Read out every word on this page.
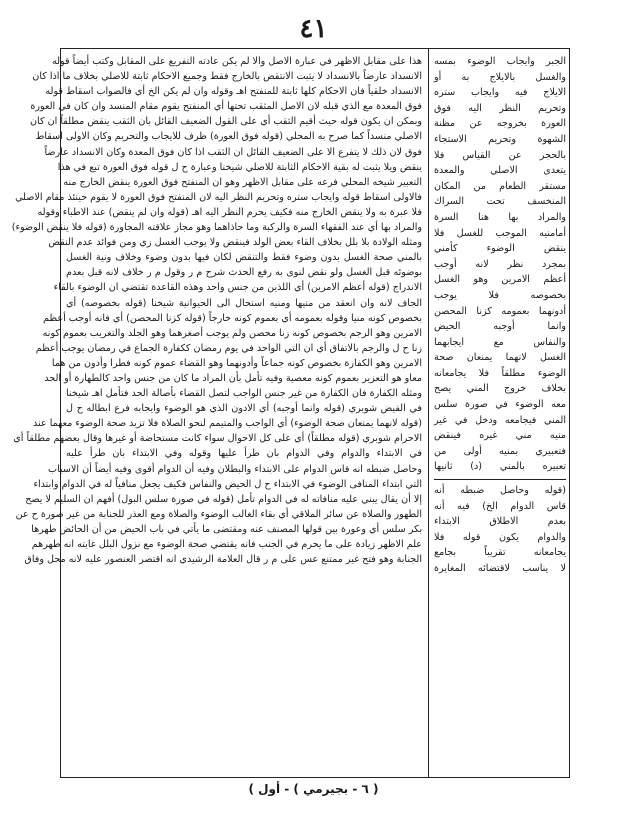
٤١
هذا على مقابل الاظهر في عبارة الاصل والا لم يكن عادته التفريع على المقابل وكتب أيضاً قوله
الانسداد عارضاً بالانسداد لا يثبت الانتقض بالخارج فقط وجميع الاحكام ثابتة للاصلي بخلاف ما اذا كان
الانسداد خلقياً فان الاحكام كلها ثابتة للمنفتح اهـ وقوله وان لم يكن الخ أي فالصواب اسقاط قوله
فوق المعدة مع الذي قبله لان الاصل المثقب تحتها أي المنفتح يقوم مقام المنسد وان كان في العورة
وبمكن ان يكون قوله حيث أقيم الثقب أي على القول الضعيف القائل بان الثقب ينقض مطلقاً ان كان
الاصلي منسداً كما صرح به المحلي (قوله فوق العورة) ظرف للايجاب والتحريم وكان الاولى اسقاط
فوق لان ذلك لا يتفرع الا على الضعيف القائل ان الثقب اذا كان فوق المعدة وكان الانسداد عارضاً
ينقض ويلا يثبت له بقية الاحكام الثابتة للاصلي شيخنا وعبارة ح ل قوله فوق العورة تبع في هذا
التعبير شيخه المحلي فرعه على مقابل الاظهر وهو ان المنفتح فوق العورة ينقض الخارج منه
فالاولى اسقاط قوله وايجاب ستره وتحريم النظر اليه لان المنفتح فوق العورة لا يقوم حينئذ مقام الاصلي
فلا عبرة به ولا ينقض الخارج منه فكيف يحرم النظر اليه اهـ (قوله وان لم ينقض) عند الاطباء وقوله
والمراد بها أي عند الفقهاء السرة والركبة وما حاذاهما وهو مجاز علاقته المجاورة (قوله فلا ينقض الوضوء)
ومثله الولادة بلا بلل بخلاف القاء بعض الولد فينقض ولا يوجب الغسل زي ومن فوائد عدم النقض
بالمني صحة الغسل بدون وضوء فقط والتنقض لكان فيها بدون وضوء وخلاف ونية الغسل
بوضوئه قبل الغسل ولو نقض لنوى به رفع الحدث شرح م ر وقول م ر خلاف لانه قبل بعدم
الاندراج (قوله أعظم الامرين) أي اللذين من جنس واحد وهذه القاعدة تقتضي ان الوضوء بالقاء
الجاف لانه وان انعقد من منيها ومنيه استحال الى الحيوانية شيخنا (قوله بخصوصه) أي
بخصوص كونه منيا وقوله بعمومه أي بعموم كونه خارجاً (قوله كزنا المحصن) أي فانه أوجب أعظم
الامرين وهو الرجم بخصوص كونه زنا محصن ولم يوجب أصغرهما وهو الجلد والتغريب بعموم كونه
زنا ح ل والرجم بالاتفاق أي ان التي الواحد في يوم رمضان ككفارة الجماع في رمضان يوجب أعظم
الامرين وهو الكفارة بخصوص كونه جماعاً وأدونهما وهو القضاء عموم كونه فطرا وأدون من هما
معاو هو التعزير بعموم كونه معصية وفيه تأمل بأن المراد ما كان من جنس واحد كالطهارة أو الحد
ومثله الكفارة فان الكفارة من غير جنس الواجب لتصل القضاء بأصالة الحد فتأمل اهـ شيخنا
في الفيض شوبري (قوله وانما أوجبه) أي الادون الذي هو الوضوء وايجابه فرع ابطاله ح ل
(قوله لانهما يمنعان صحة الوضوء) أي الواجب والمتيمم لنحو الصلاة فلا تزيد صحة الوضوء معهما عند
الاحرام شوبري (قوله مطلقاً) أي على كل الاحوال سواء كانت مستحاضة أو غيرها وقال بعضهم مطلقاً أي
في الابتداء والدوام وفي الدوام بان طرأ عليها وقوله وفي الابتداء بان طرأ عليه
وحاصل ضبطه انه قاس الدوام على الابتداء والبطلان وفيه أن الدوام أقوى وفيه أيضاً أن الاسباب
التي ابتداء المنافى الوضوء في الابتداء ح ل الحيض والنفاس فكيف يجعل منافياً له في الدوام وابتداء
إلا أن يقال يبني عليه منافاته له في الدوام تأمل (قوله في صورة سلس البول) أفهم ان السليم لا يصح
الطهور والصلاة عن سائر الملاقي أي بقاء الغالب الوضوء والصلاة ومع العذر للجنابة من غير صورة ح عن
بكر سلس أي وعورة بين قولها المصنف عنه ومقتضى ما يأتي في باب الحيض من أن الحائض طهرها
علم الاظهر زيادة على ما يحرم في الجنب فانه يقتضي صحة الوضوء مع نزول البلل غايته انه طهرهم
الجنابة وهو فتح غير ممتنع عس على م ر قال العلامة الرشيدي انه اقتصر العنصور عليه لانه محل وفاق
الجبر وايجاب الوضوء بمسه
والغسل بالايلاج به أو
الايلاج فيه وايجاب ستره
وتحريم النظر اليه فوق
العورة بخروجه عن مظنة
الشهوة وتحريم الاستجاء
بالحجر عن القياس فلا
يتعدى الاصلي والمعدة
مستقر الطعام من المكان
المنخسف تحت السراك
والمراد بها هنا السرة
أمامنيه الموجب للغسل فلا
ينقض الوضوء كأمني
بمجرد نظر لانه أوجب
أعظم الامرين وهو الغسل
بخصوصه فلا يوجب
أدونهما بعمومه كزنا المحصن
وانما أوجبه الحيض
والنفاس مع ايجابهما
الغسل لانهما يمنعان صحة
الوضوء مطلقاً فلا يجامعانه
بخلاف خروج المني يصح
معه الوضوء في صورة سلس
المني فيجامعه ودخل في غير
منيه مني غيره فينقض
فتعبيري بمنيه أولى من
تعبيره بالمني (د) ثانيها
(قوله وحاصل ضبطه أنه
قاس الدوام الخ) فيه أنه
بعدم الاطلاق الابتداء
والدوام يكون قوله فلا
يجامعانه تقريباً بجامع
لا يناسب لاقتضائه المغايرة
( ٦ - بجيرمي ) - أول )
